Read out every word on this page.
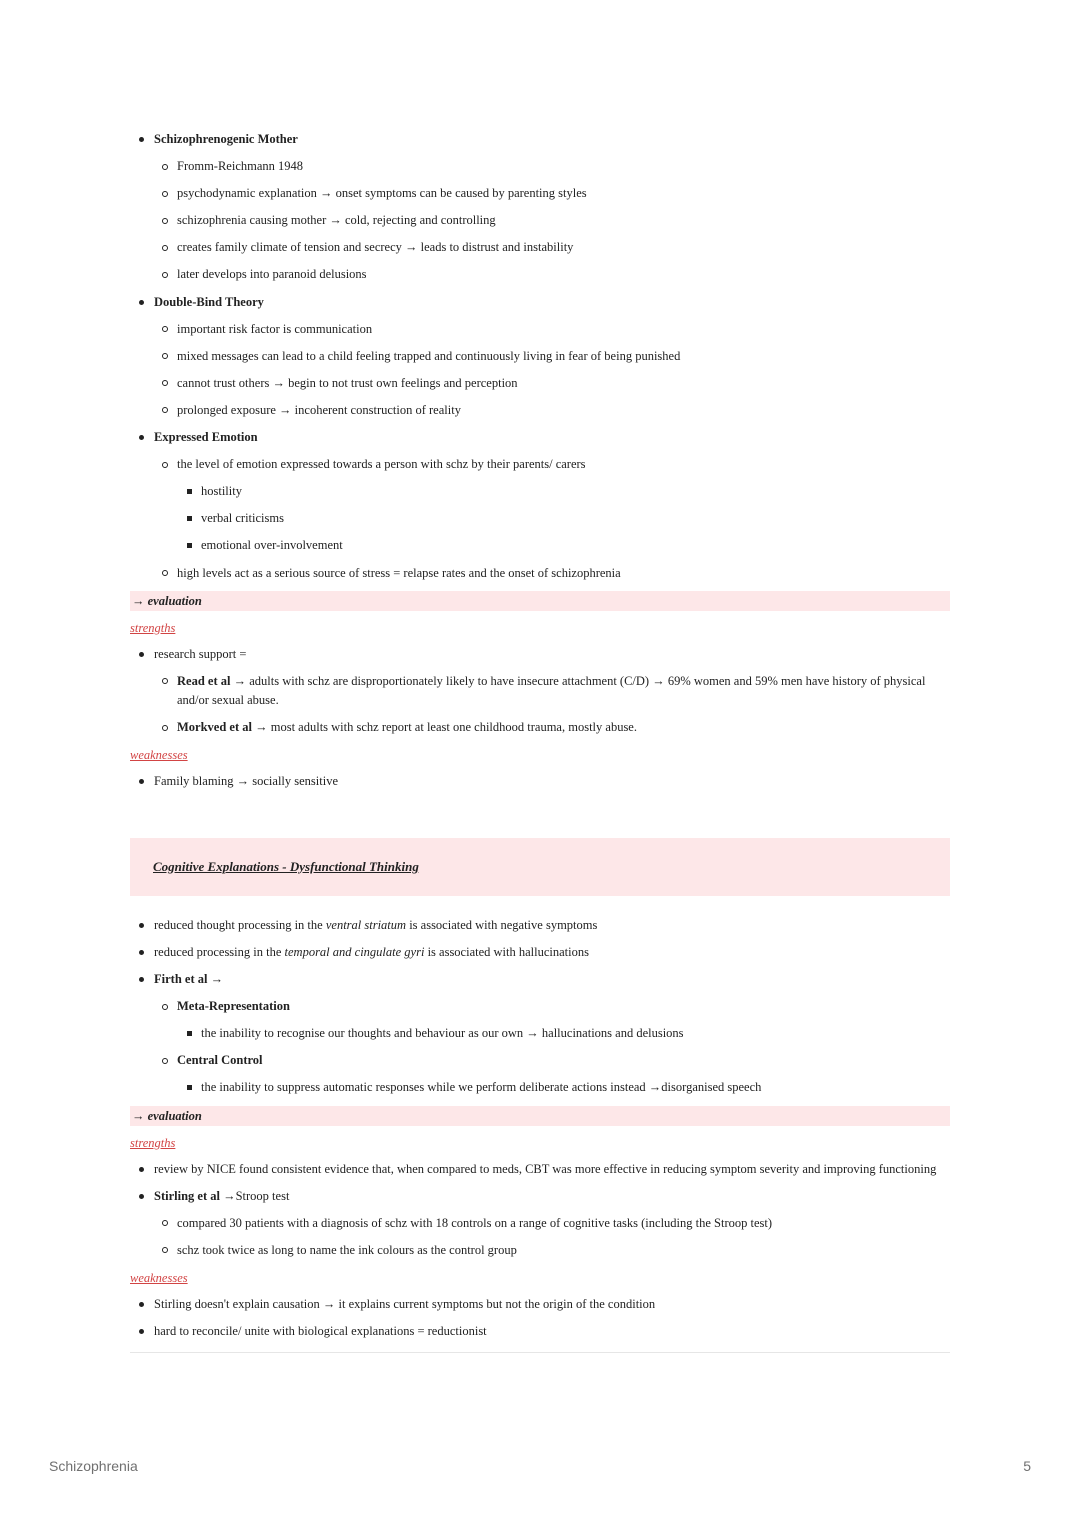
Schizophrenogenic Mother
Fromm-Reichmann 1948
psychodynamic explanation → onset symptoms can be caused by parenting styles
schizophrenia causing mother → cold, rejecting and controlling
creates family climate of tension and secrecy → leads to distrust and instability
later develops into paranoid delusions
Double-Bind Theory
important risk factor is communication
mixed messages can lead to a child feeling trapped and continuously living in fear of being punished
cannot trust others → begin to not trust own feelings and perception
prolonged exposure → incoherent construction of reality
Expressed Emotion
the level of emotion expressed towards a person with schz by their parents/ carers
hostility
verbal criticisms
emotional over-involvement
high levels act as a serious source of stress = relapse rates and the onset of schizophrenia
→ evaluation
strengths
research support =
Read et al → adults with schz are disproportionately likely to have insecure attachment (C/D) → 69% women and 59% men have history of physical and/or sexual abuse.
Morkved et al → most adults with schz report at least one childhood trauma, mostly abuse.
weaknesses
Family blaming → socially sensitive
Cognitive Explanations - Dysfunctional Thinking
reduced thought processing in the ventral striatum is associated with negative symptoms
reduced processing in the temporal and cingulate gyri is associated with hallucinations
Firth et al →
Meta-Representation
the inability to recognise our thoughts and behaviour as our own → hallucinations and delusions
Central Control
the inability to suppress automatic responses while we perform deliberate actions instead →disorganised speech
→ evaluation
strengths
review by NICE found consistent evidence that, when compared to meds, CBT was more effective in reducing symptom severity and improving functioning
Stirling et al →Stroop test
compared 30 patients with a diagnosis of schz with 18 controls on a range of cognitive tasks (including the Stroop test)
schz took twice as long to name the ink colours as the control group
weaknesses
Stirling doesn't explain causation → it explains current symptoms but not the origin of the condition
hard to reconcile/ unite with biological explanations = reductionist
Schizophrenia	5
